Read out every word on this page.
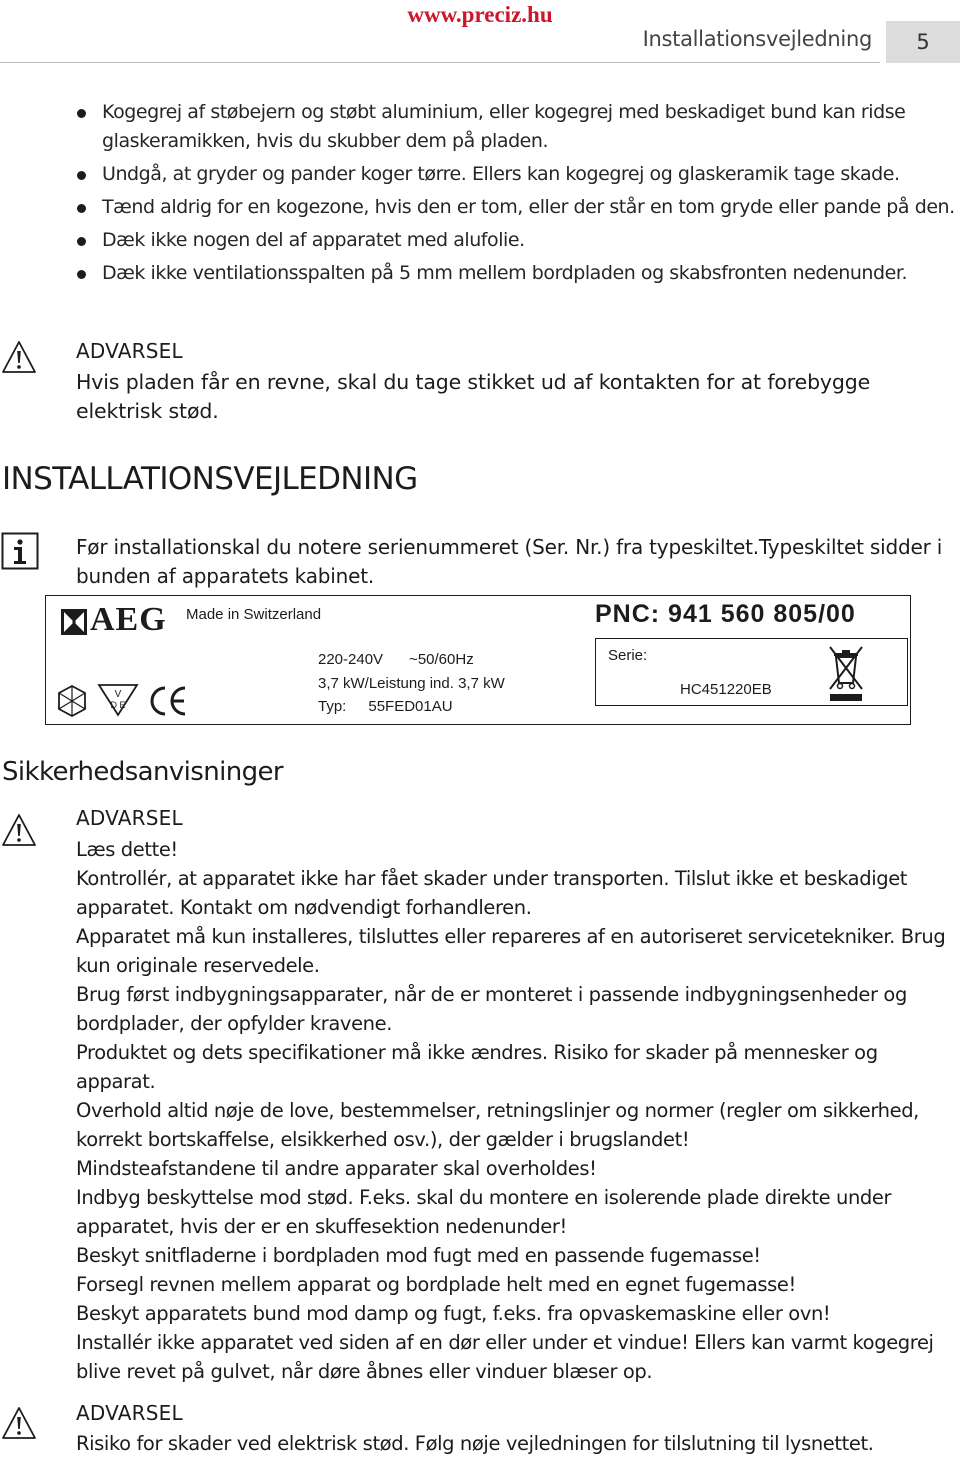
www.preciz.hu
Installationsvejledning	5
Kogegrej af støbejern og støbt aluminium, eller kogegrej med beskadiget bund kan ridse glaskeramikken, hvis du skubber dem på pladen.
Undgå, at gryder og pander koger tørre. Ellers kan kogegrej og glaskeramik tage skade.
Tænd aldrig for en kogezone, hvis den er tom, eller der står en tom gryde eller pande på den.
Dæk ikke nogen del af apparatet med alufolie.
Dæk ikke ventilationsspalten på 5 mm mellem bordpladen og skabsfronten nedenunder.
ADVARSEL
Hvis pladen får en revne, skal du tage stikket ud af kontakten for at forebygge elektrisk stød.
INSTALLATIONSVEJLEDNING
Før installationskal du notere serienummeret (Ser. Nr.) fra typeskiltet.Typeskiltet sidder i bunden af apparatets kabinet.
AEG Made in Switzerland	PNC: 941 560 805/00
220-240V ~50/60Hz
3,7 kW/Leistung ind. 3,7 kW
Typ: 55FED01AU
Serie:
HC451220EB
V
D E
Sikkerhedsanvisninger
ADVARSEL

Læs dette!

Kontrollér, at apparatet ikke har fået skader under transporten. Tilslut ikke et beskadiget apparatet. Kontakt om nødvendigt forhandleren.

Apparatet må kun installeres, tilsluttes eller repareres af en autoriseret servicetekniker. Brug kun originale reservedele.

Brug først indbygningsapparater, når de er monteret i passende indbygningsenheder og bordplader, der opfylder kravene.

Produktet og dets specifikationer må ikke ændres. Risiko for skader på mennesker og apparat.

Overhold altid nøje de love, bestemmelser, retningslinjer og normer (regler om sikkerhed, korrekt bortskaffelse, elsikkerhed osv.), der gælder i brugslandet!

Mindsteafstandene til andre apparater skal overholdes!

Indbyg beskyttelse mod stød. F.eks. skal du montere en isolerende plade direkte under apparatet, hvis der er en skuffesektion nedenunder!

Beskyt snitfladerne i bordpladen mod fugt med en passende fugemasse!

Forsegl revnen mellem apparat og bordplade helt med en egnet fugemasse!

Beskyt apparatets bund mod damp og fugt, f.eks. fra opvaskemaskine eller ovn!

Installér ikke apparatet ved siden af en dør eller under et vindue! Ellers kan varmt kogegrej blive revet på gulvet, når døre åbnes eller vinduer blæser op.

ADVARSEL
Risiko for skader ved elektrisk stød. Følg nøje vejledningen for tilslutning til lysnettet.
